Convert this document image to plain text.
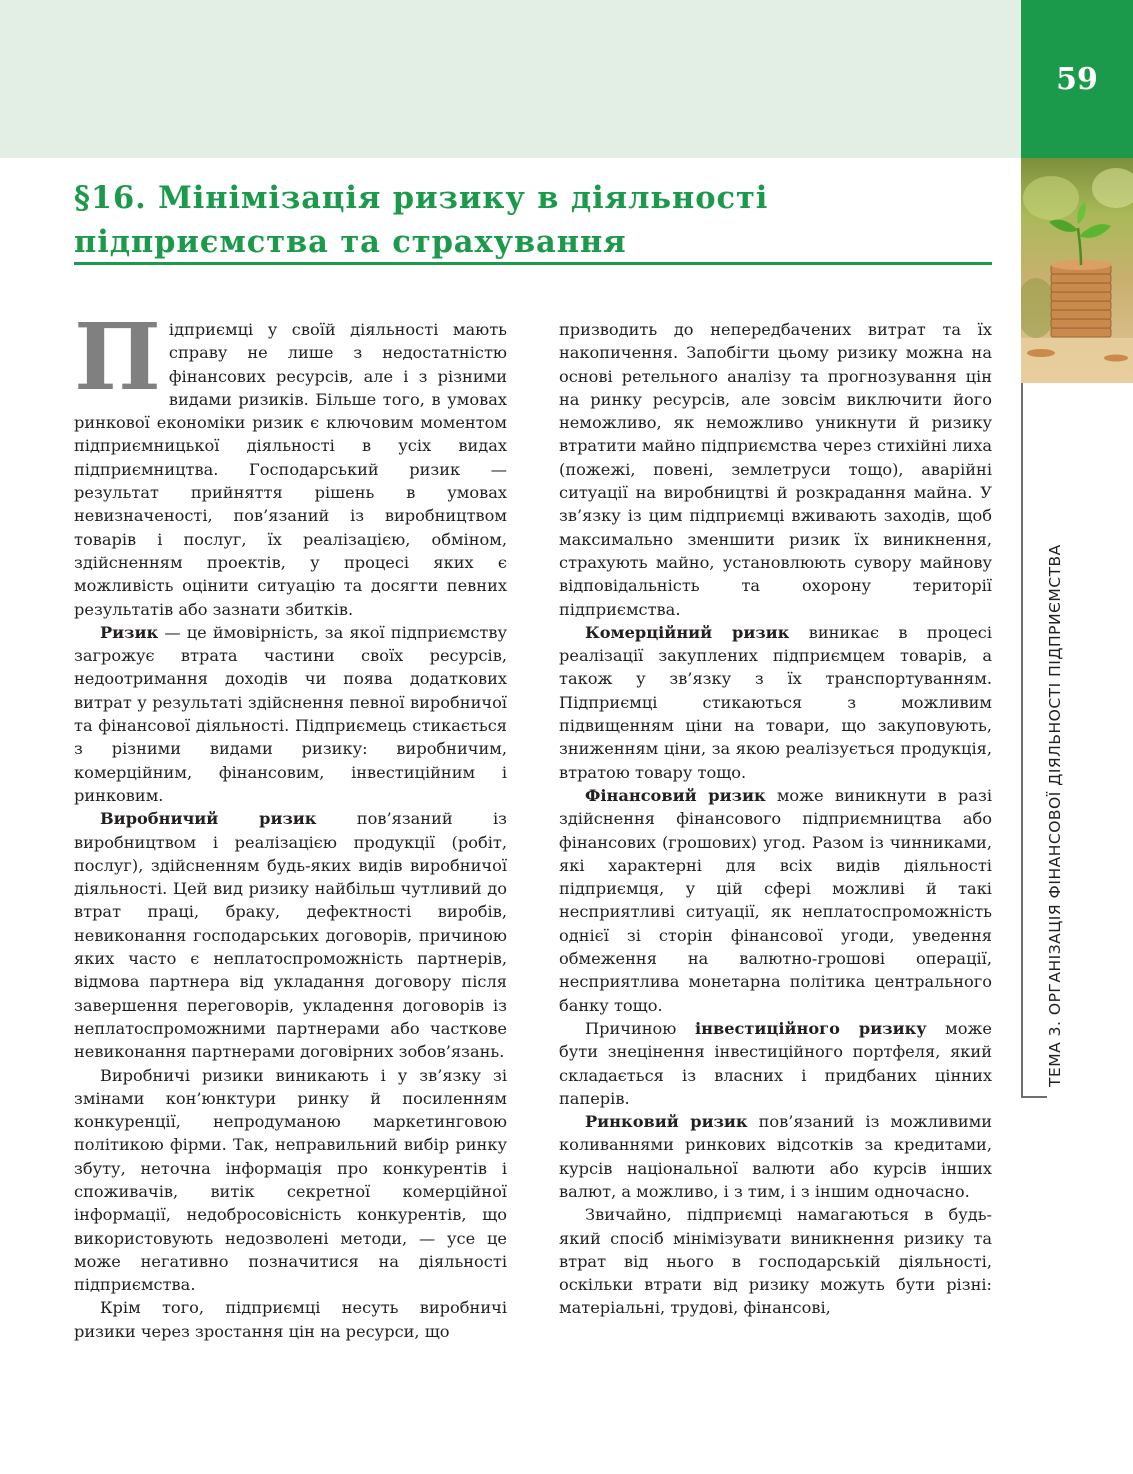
59
ТЕМА 3. ОРГАНІЗАЦІЯ ФІНАНСОВОЇ ДІЯЛЬНОСТІ ПІДПРИЄМСТВА
§16. Мінімізація ризику в діяльності
підприємства та страхування

Підприємці у своїй діяльності мають справу не лише з недостатністю фінансових ресурсів, але і з різними видами ризиків. Більше того, в умовах ринкової економіки ризик є ключовим моментом підприємницької діяльності в усіх видах підприємництва. Господарський ризик — результат прийняття рішень в умовах невизначеності, пов’язаний із виробництвом товарів і послуг, їх реалізацією, обміном, здійсненням проектів, у процесі яких є можливість оцінити ситуацію та досягти певних результатів або зазнати збитків.

Ризик — це ймовірність, за якої підприємству загрожує втрата частини своїх ресурсів, недоотримання доходів чи поява додаткових витрат у результаті здійснення певної виробничої та фінансової діяльності. Підприємець стикається з різними видами ризику: виробничим, комерційним, фінансовим, інвестиційним і ринковим.

Виробничий ризик пов’язаний із виробництвом і реалізацією продукції (робіт, послуг), здійсненням будь-яких видів виробничої діяльності. Цей вид ризику найбільш чутливий до втрат праці, браку, дефектності виробів, невиконання господарських договорів, причиною яких часто є неплатоспроможність партнерів, відмова партнера від укладання договору після завершення переговорів, укладення договорів із неплатоспроможними партнерами або часткове невиконання партнерами договірних зобов’язань.

Виробничі ризики виникають і у зв’язку зі змінами кон’юнктури ринку й посиленням конкуренції, непродуманою маркетинговою політикою фірми. Так, неправильний вибір ринку збуту, неточна інформація про конкурентів і споживачів, витік секретної комерційної інформації, недобросовісність конкурентів, що використовують недозволені методи, — усе це може негативно позначитися на діяльності підприємства.

Крім того, підприємці несуть виробничі ризики через зростання цін на ресурси, що

призводить до непередбачених витрат та їх накопичення. Запобігти цьому ризику можна на основі ретельного аналізу та прогнозування цін на ринку ресурсів, але зовсім виключити його неможливо, як неможливо уникнути й ризику втратити майно підприємства через стихійні лиха (пожежі, повені, землетруси тощо), аварійні ситуації на виробництві й розкрадання майна. У зв’язку із цим підприємці вживають заходів, щоб максимально зменшити ризик їх виникнення, страхують майно, установлюють сувору майнову відповідальність та охорону території підприємства.

Комерційний ризик виникає в процесі реалізації закуплених підприємцем товарів, а також у зв’язку з їх транспортуванням. Підприємці стикаються з можливим підвищенням ціни на товари, що закуповують, зниженням ціни, за якою реалізується продукція, втратою товару тощо.

Фінансовий ризик може виникнути в разі здійснення фінансового підприємництва або фінансових (грошових) угод. Разом із чинниками, які характерні для всіх видів діяльності підприємця, у цій сфері можливі й такі несприятливі ситуації, як неплатоспроможність однієї зі сторін фінансової угоди, уведення обмеження на валютно-грошові операції, несприятлива монетарна політика центрального банку тощо.

Причиною інвестиційного ризику може бути знецінення інвестиційного портфеля, який складається із власних і придбаних цінних паперів.

Ринковий ризик пов’язаний із можливими коливаннями ринкових відсотків за кредитами, курсів національної валюти або курсів інших валют, а можливо, і з тим, і з іншим одночасно.

Звичайно, підприємці намагаються в будь-який спосіб мінімізувати виникнення ризику та втрат від нього в господарській діяльності, оскільки втрати від ризику можуть бути різні: матеріальні, трудові, фінансові,
